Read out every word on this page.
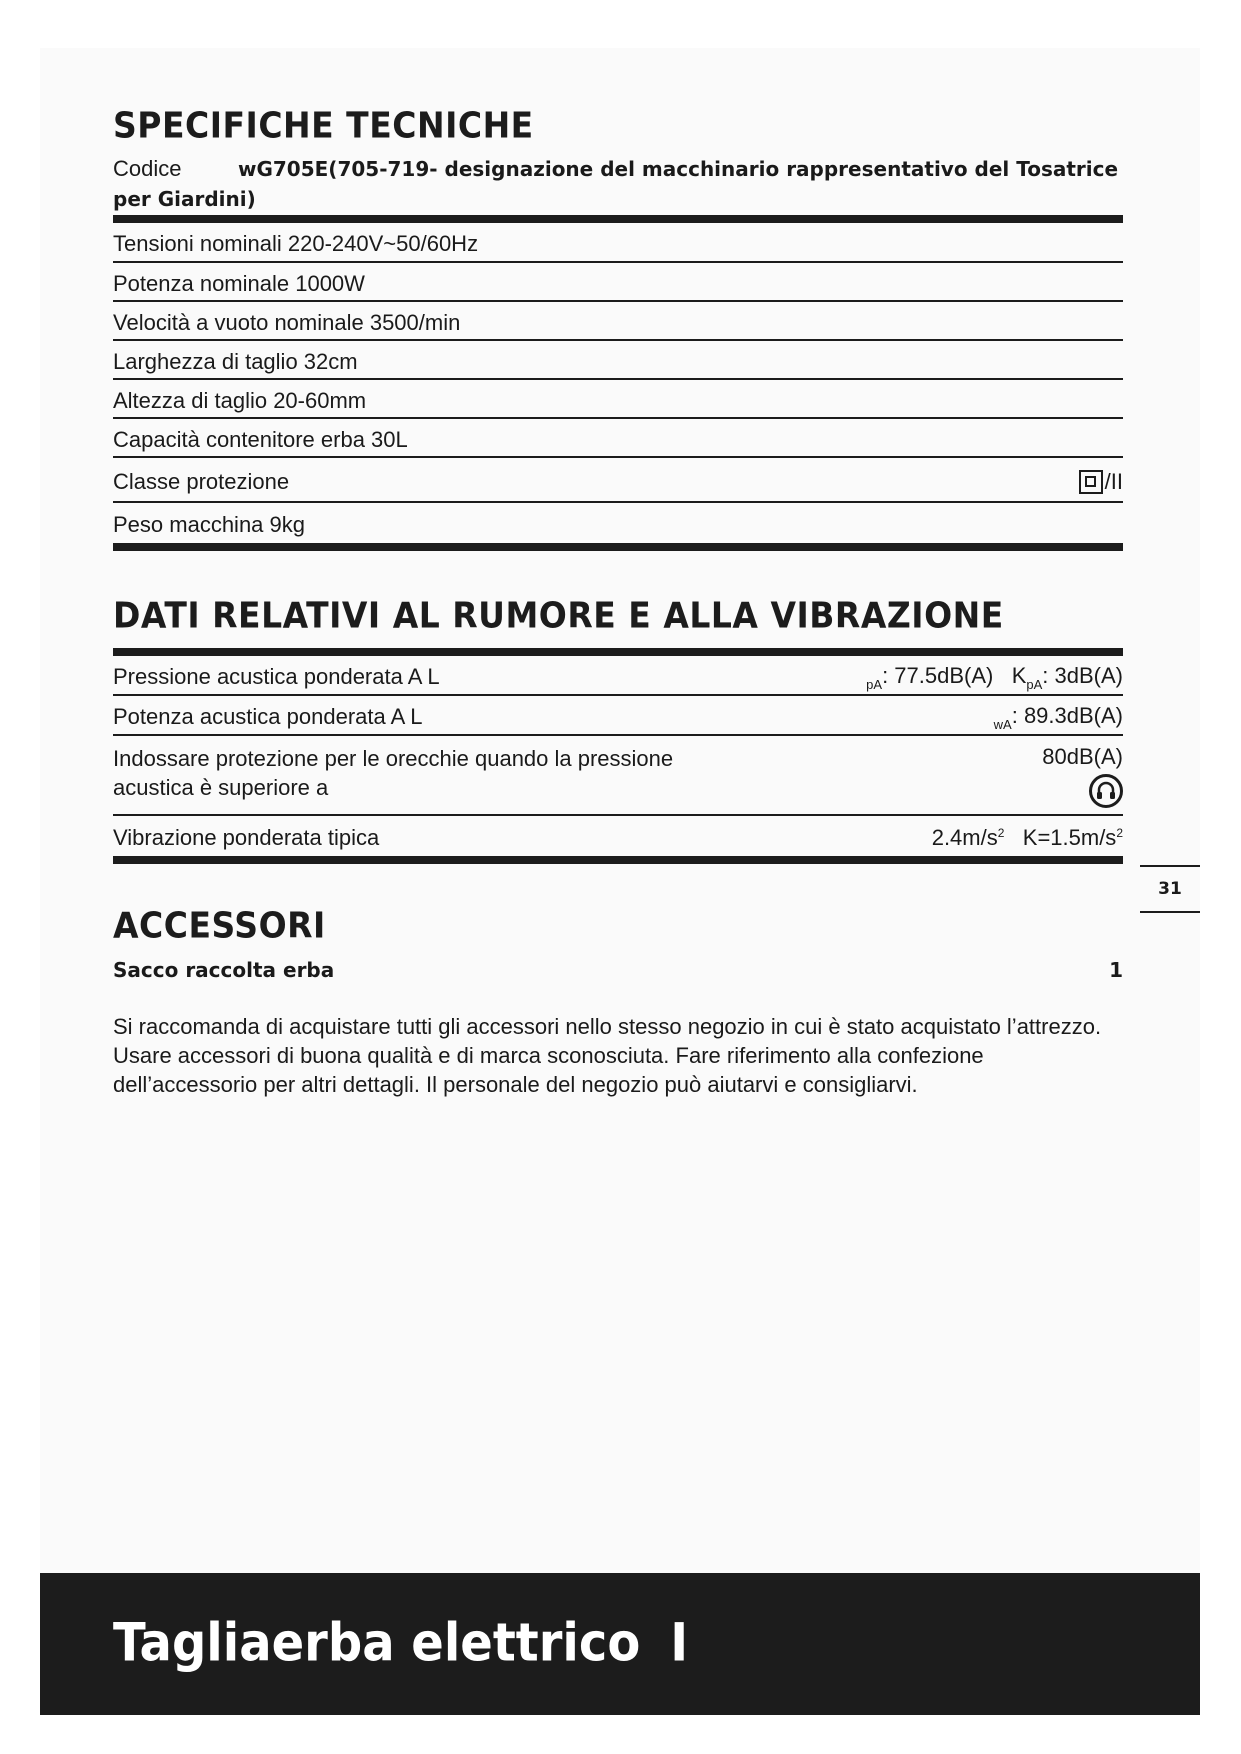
SPECIFICHE TECNICHE
Codice	wG705E(705-719- designazione del macchinario rappresentativo del Tosatrice per Giardini)
Tensioni nominali 220-240V~50/60Hz
Potenza nominale 1000W
Velocità a vuoto nominale 3500/min
Larghezza di taglio 32cm
Altezza di taglio 20-60mm
Capacità contenitore erba 30L
Classe protezione	/II
Peso macchina 9kg
DATI RELATIVI AL RUMORE E ALLA VIBRAZIONE
Pressione acustica ponderata A L	$_{pA}$: 77.5dB(A) $K_{pA}$: 3dB(A)
Potenza acustica ponderata A L	$_{wA}$: 89.3dB(A)
Indossare protezione per le orecchie quando la pressione acustica è superiore a
80dB(A)
Vibrazione ponderata tipica	$2.4m/s^2$ $K=1.5m/s^2$
31
ACCESSORI
Sacco raccolta erba	1

Si raccomanda di acquistare tutti gli accessori nello stesso negozio in cui è stato acquistato l’attrezzo. Usare accessori di buona qualità e di marca sconosciuta. Fare riferimento alla confezione dell’accessorio per altri dettagli. Il personale del negozio può aiutarvi e consigliarvi.

Tagliaerba elettrico I
